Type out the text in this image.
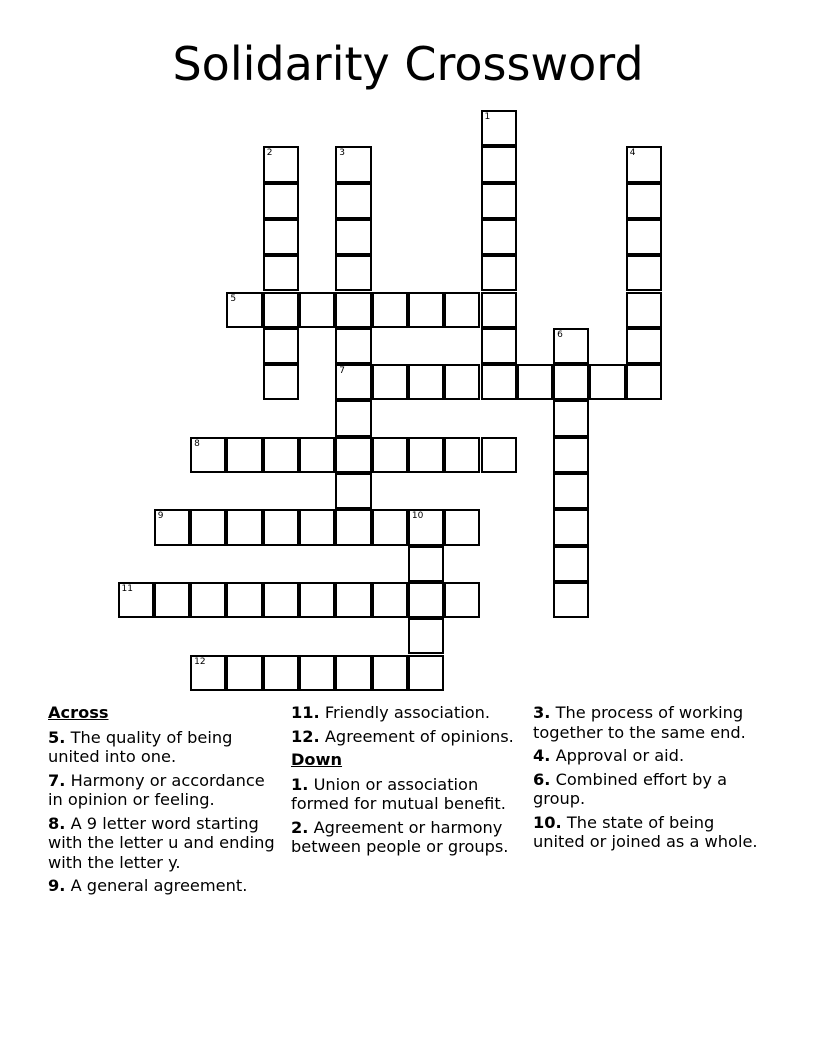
Solidarity Crossword
1
2	3
7
4
5
6
8
9	10
11
12
Across
5. The quality of being united into one.
7. Harmony or accordance in opinion or feeling.
8. A 9 letter word starting with the letter u and ending with the letter y.
9. A general agreement.
11. Friendly association.
12. Agreement of opinions.
Down
1. Union or association formed for mutual benefit.
2. Agreement or harmony between people or groups.
3. The process of working together to the same end.
4. Approval or aid.
6. Combined effort by a group.
10. The state of being united or joined as a whole.
